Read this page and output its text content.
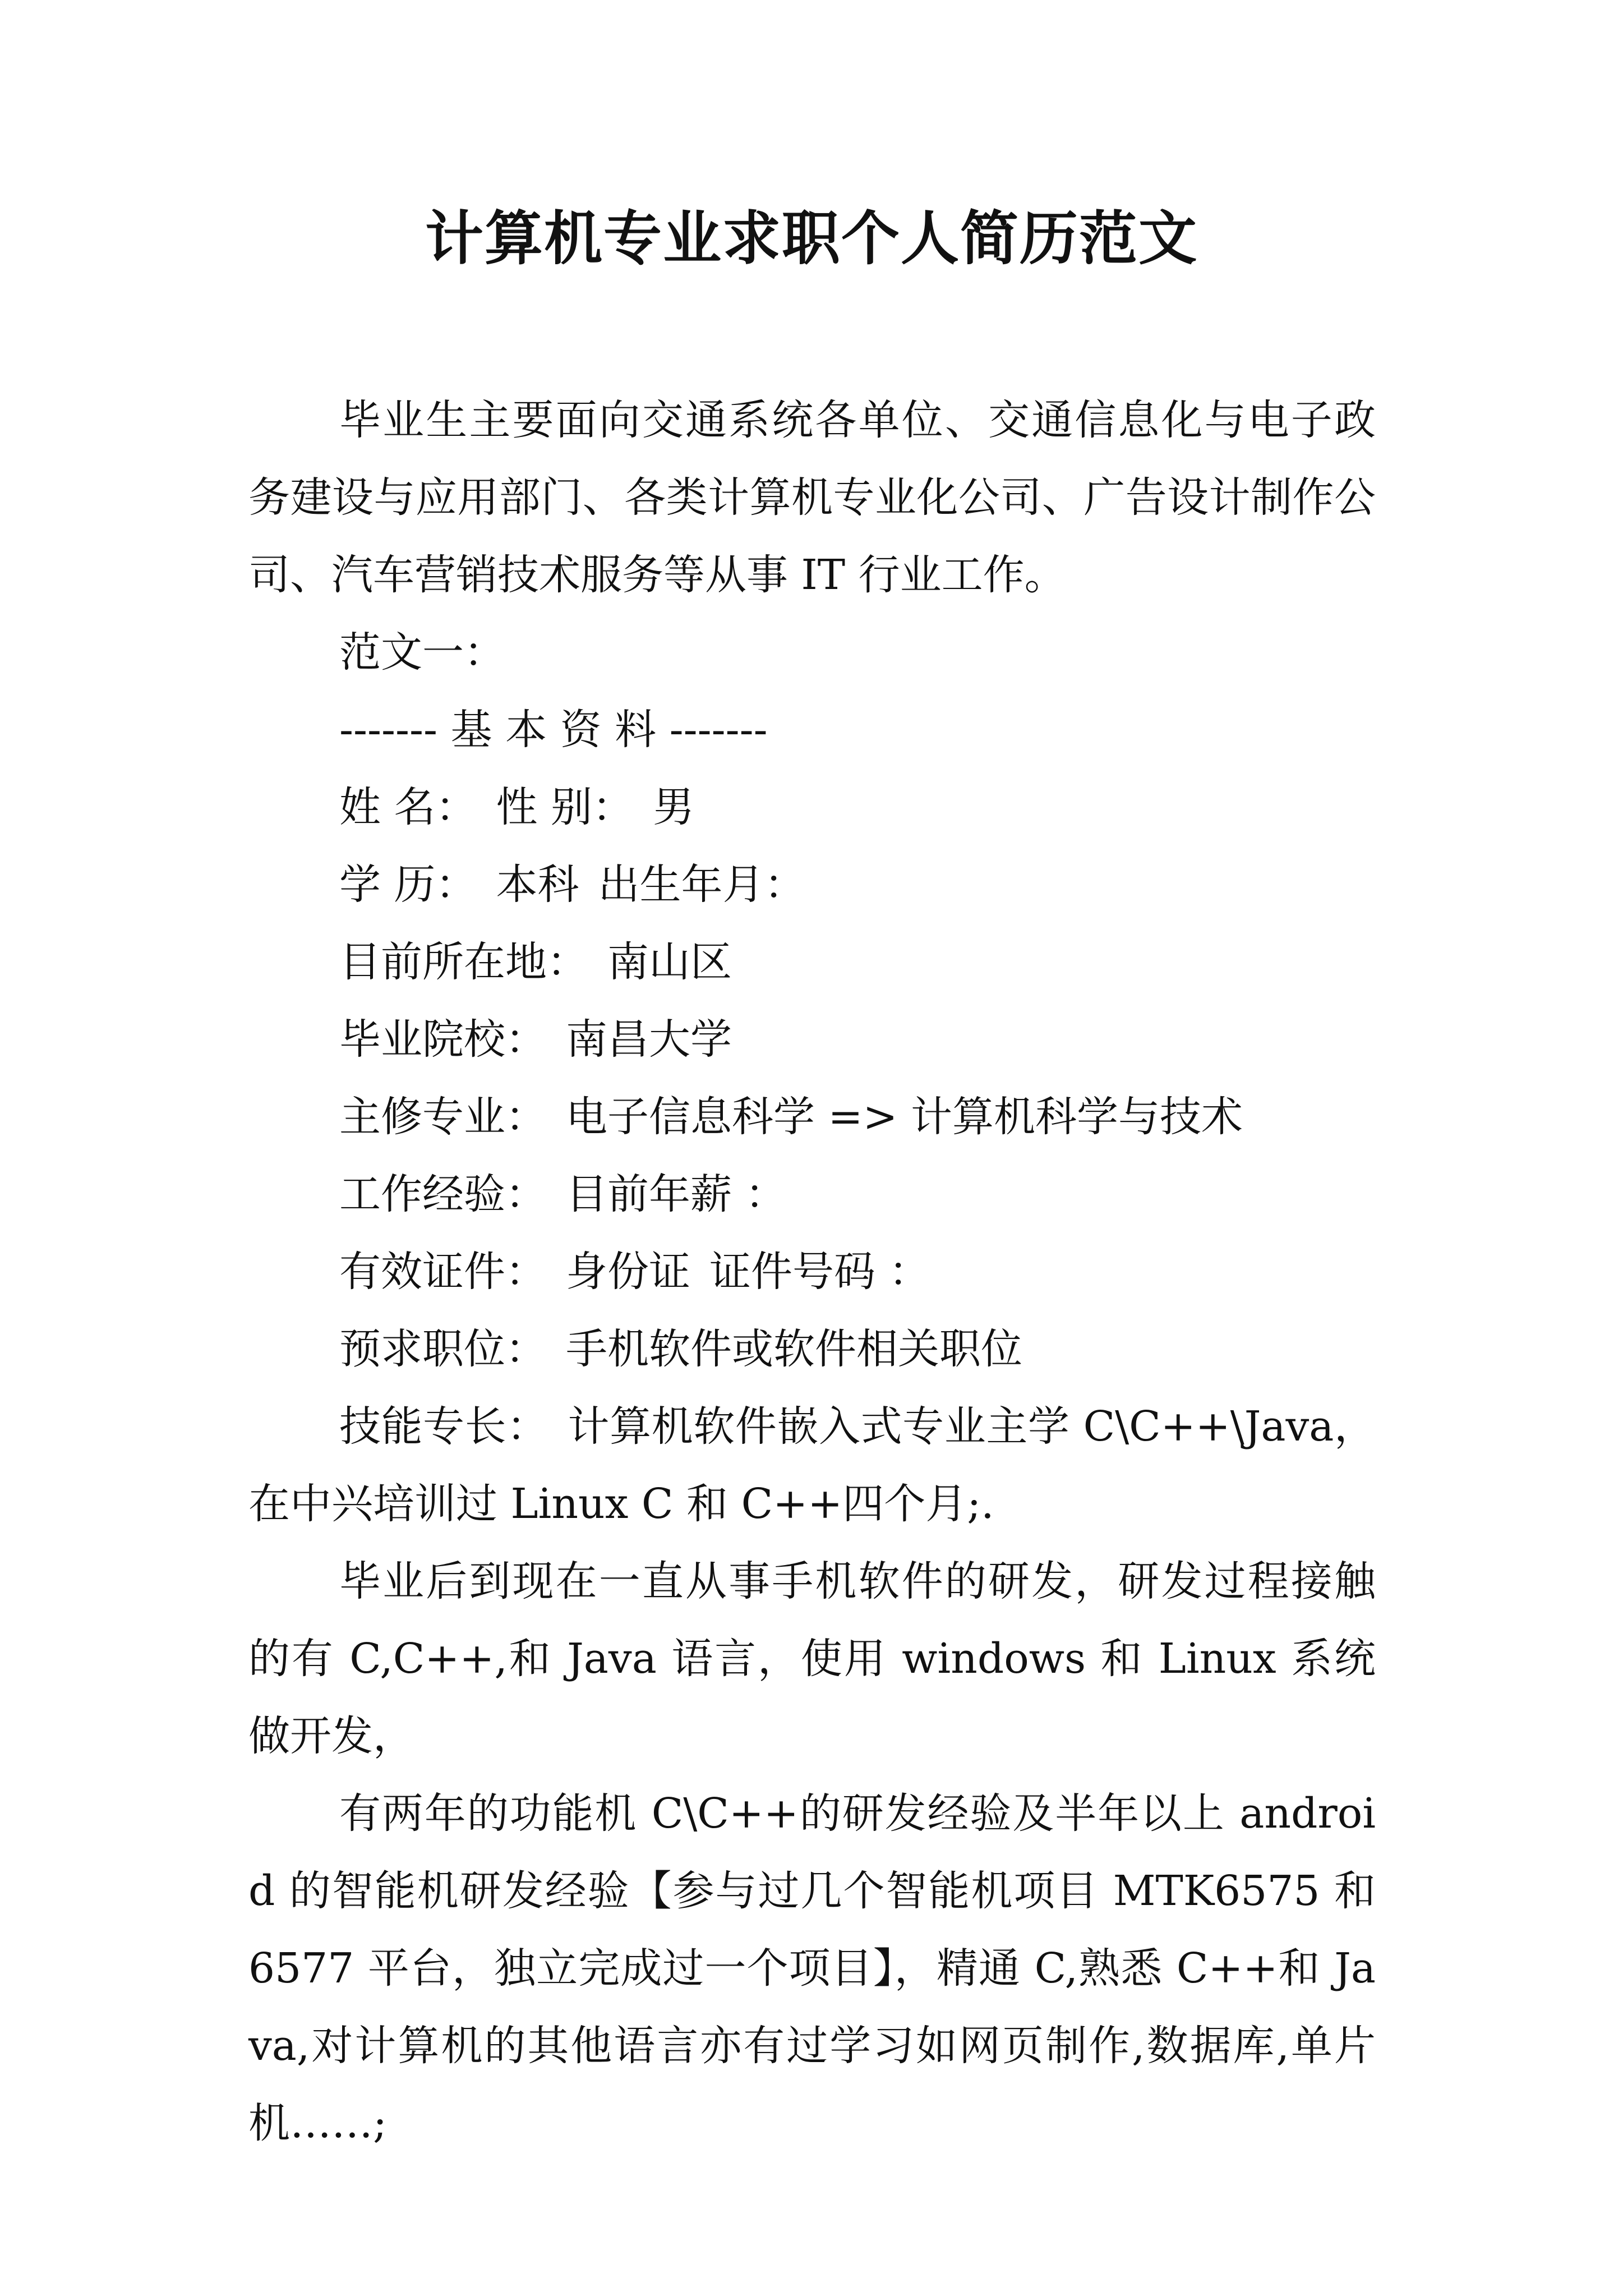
计算机专业求职个人简历范文

毕业生主要面向交通系统各单位、交通信息化与电子政务建设与应用部门、各类计算机专业化公司、广告设计制作公司、汽车营销技术服务等从事 IT 行业工作。

范文一：

------- 基 本 资 料 -------

姓 名： 性 别： 男

学 历： 本科 出生年月：

目前所在地： 南山区

毕业院校： 南昌大学

主修专业： 电子信息科学 => 计算机科学与技术

工作经验： 目前年薪 ：

有效证件： 身份证 证件号码 ：

预求职位： 手机软件或软件相关职位

技能专长： 计算机软件嵌入式专业主学 C\C++\Java，在中兴培训过 Linux C 和 C++四个月;.

毕业后到现在一直从事手机软件的研发，研发过程接触的有 C,C++,和 Java 语言，使用 windows 和 Linux 系统做开发，

有两年的功能机 C\C++的研发经验及半年以上 android 的智能机研发经验【参与过几个智能机项目 MTK6575 和 6577 平台，独立完成过一个项目】，精通 C,熟悉 C++和 Java,对计算机的其他语言亦有过学习如网页制作,数据库,单片机……;
